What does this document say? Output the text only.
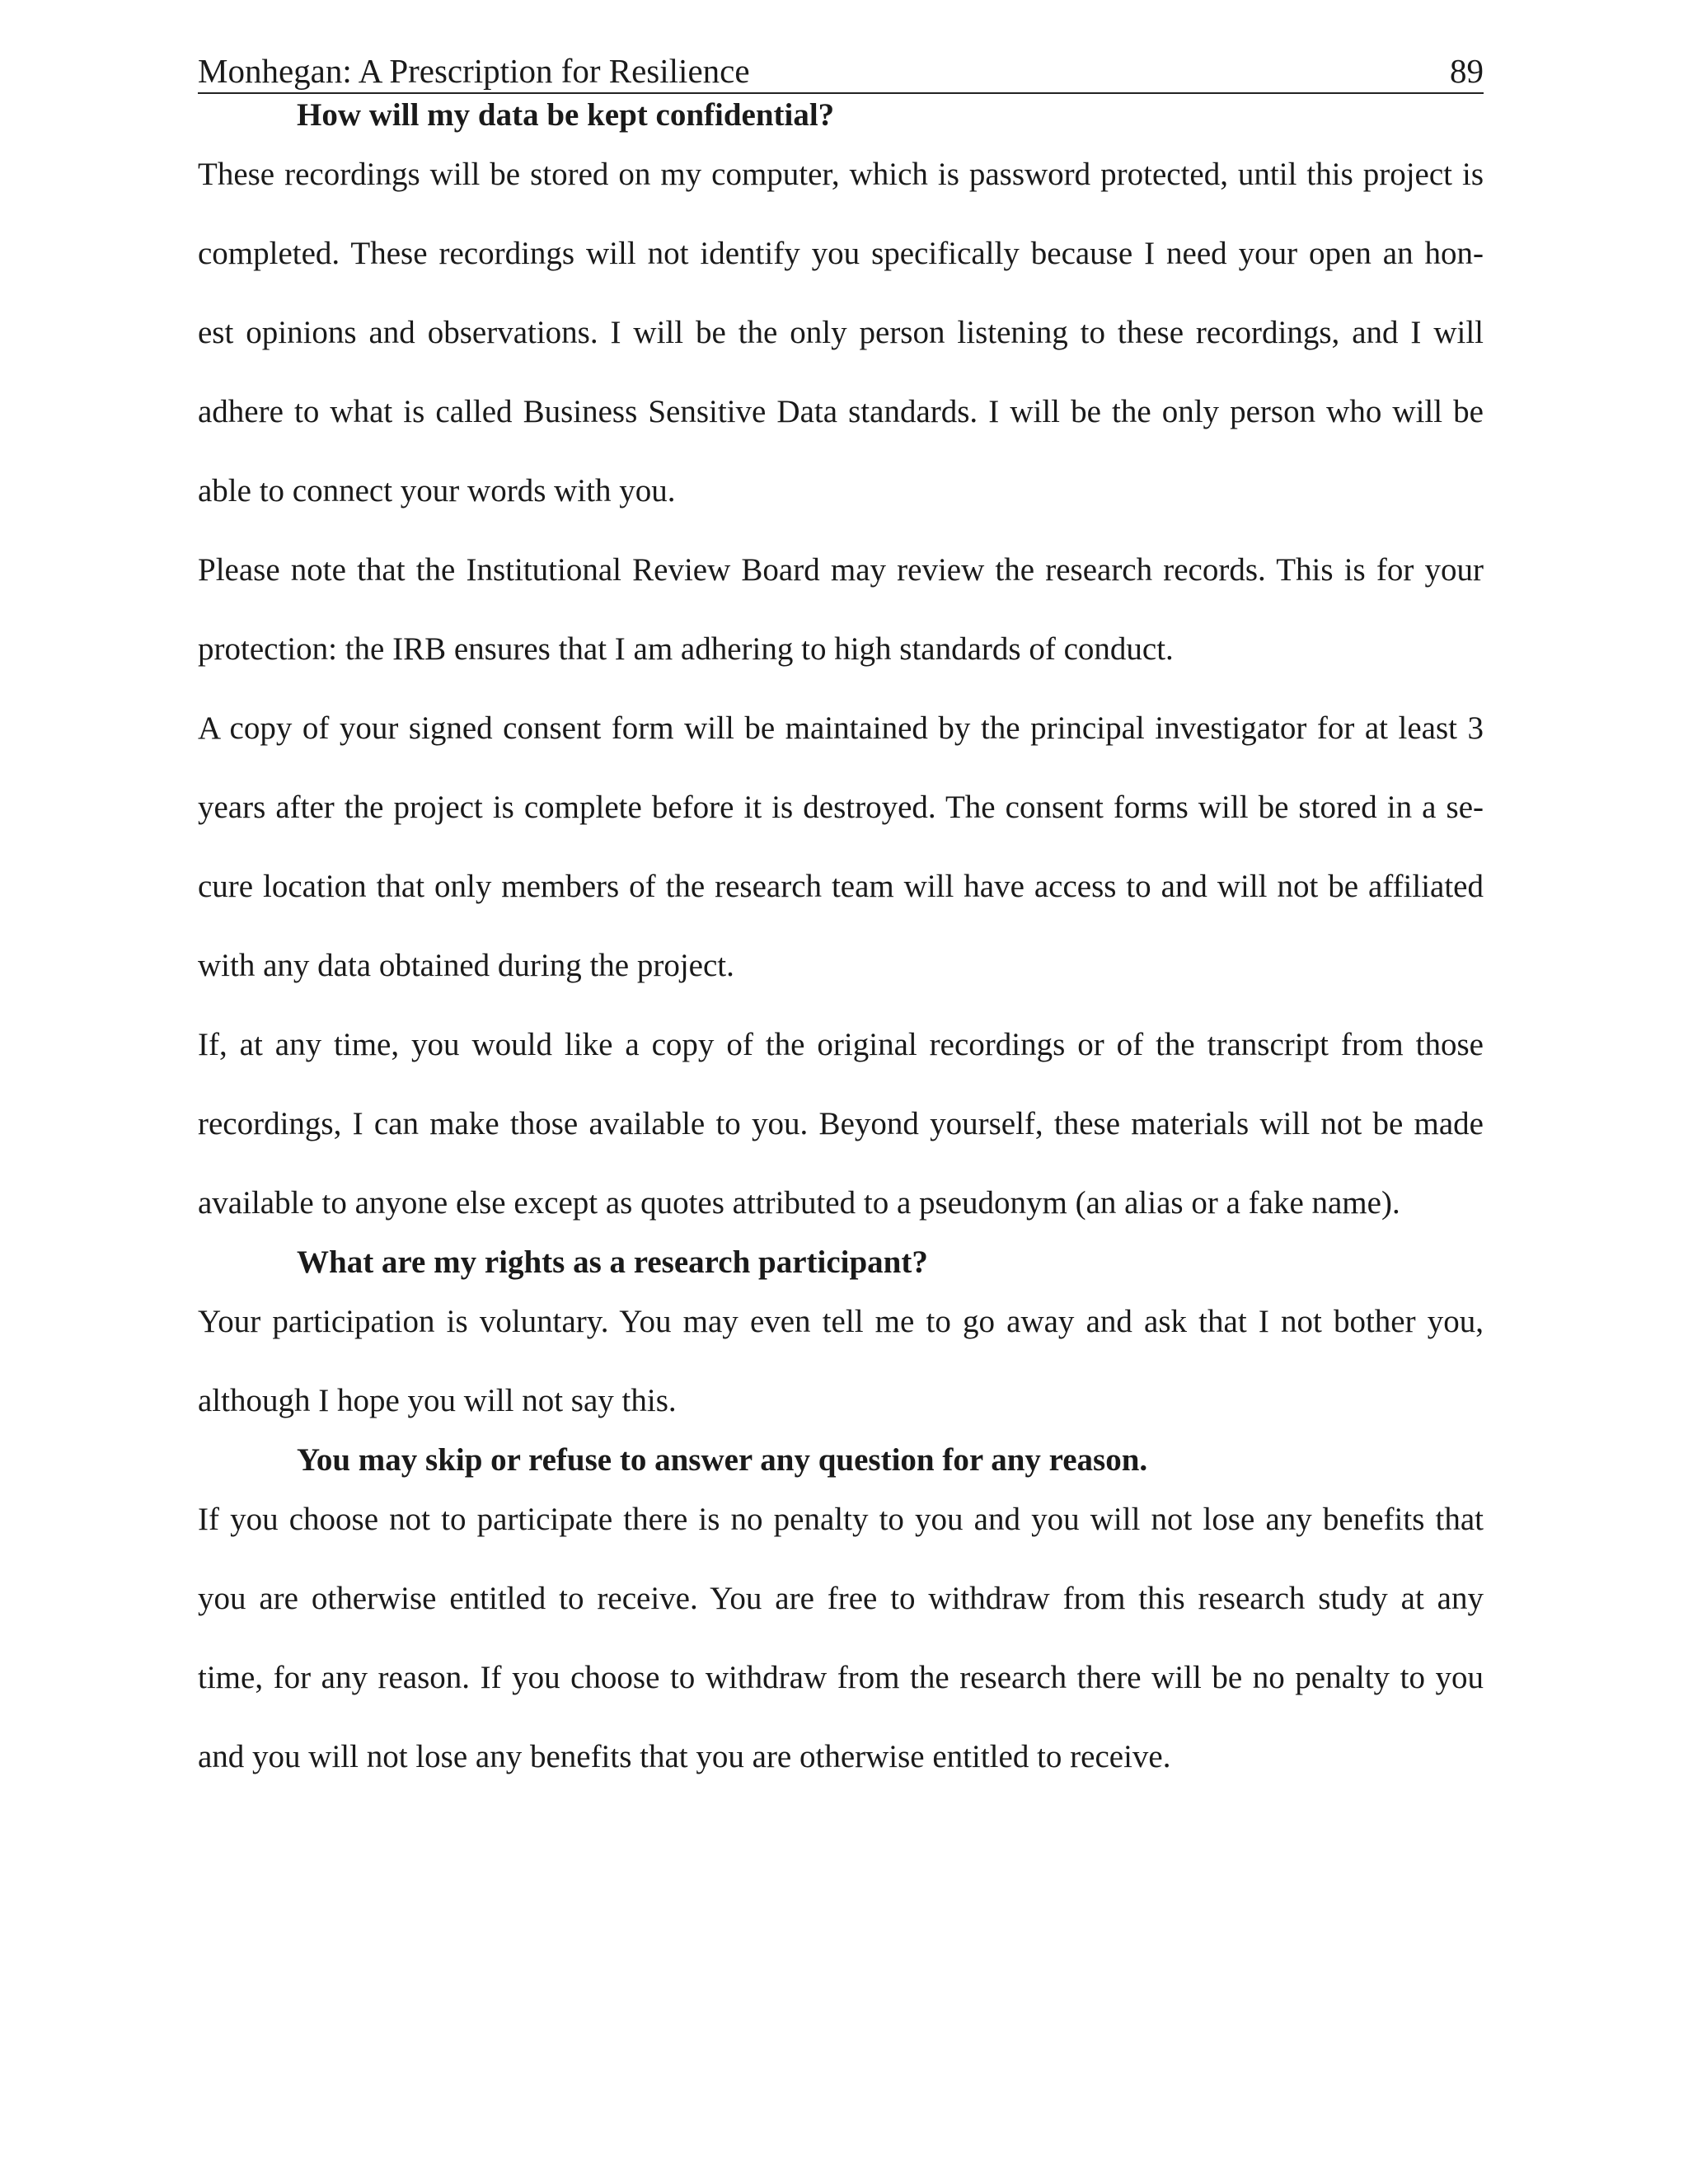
Monhegan: A Prescription for Resilience	89
How will my data be kept confidential?

These recordings will be stored on my computer, which is password protected, until this project is
completed. These recordings will not identify you specifically because I need your open an hon-
est opinions and observations. I will be the only person listening to these recordings, and I will
adhere to what is called Business Sensitive Data standards. I will be the only person who will be
able to connect your words with you.

Please note that the Institutional Review Board may review the research records. This is for your
protection: the IRB ensures that I am adhering to high standards of conduct.

A copy of your signed consent form will be maintained by the principal investigator for at least 3
years after the project is complete before it is destroyed. The consent forms will be stored in a se-
cure location that only members of the research team will have access to and will not be affiliated
with any data obtained during the project.

If, at any time, you would like a copy of the original recordings or of the transcript from those
recordings, I can make those available to you. Beyond yourself, these materials will not be made
available to anyone else except as quotes attributed to a pseudonym (an alias or a fake name).

What are my rights as a research participant?

Your participation is voluntary. You may even tell me to go away and ask that I not bother you,
although I hope you will not say this.

You may skip or refuse to answer any question for any reason.

If you choose not to participate there is no penalty to you and you will not lose any benefits that
you are otherwise entitled to receive. You are free to withdraw from this research study at any
time, for any reason. If you choose to withdraw from the research there will be no penalty to you
and you will not lose any benefits that you are otherwise entitled to receive.
